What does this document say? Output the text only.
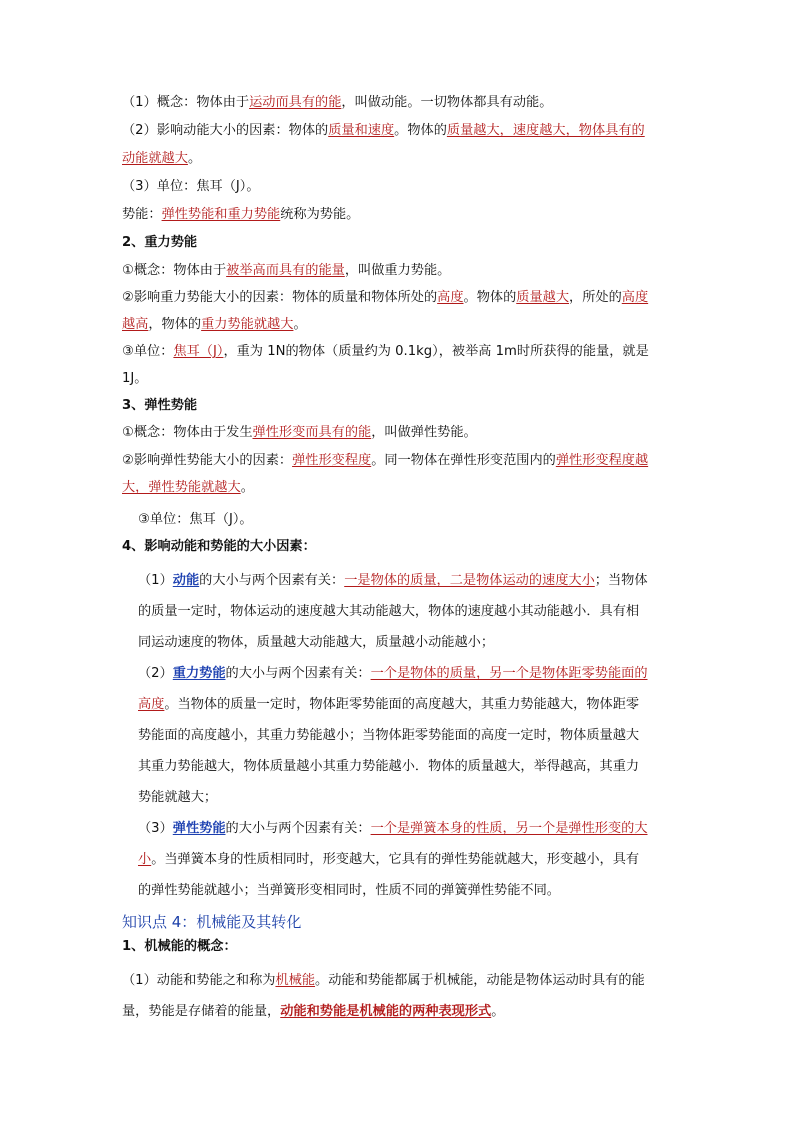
（1）概念：物体由于运动而具有的能，叫做动能。一切物体都具有动能。
（2）影响动能大小的因素：物体的质量和速度。物体的质量越大，速度越大，物体具有的
动能就越大。
（3）单位：焦耳（J）。
势能：弹性势能和重力势能统称为势能。
2、重力势能
①概念：物体由于被举高而具有的能量，叫做重力势能。
②影响重力势能大小的因素：物体的质量和物体所处的高度。物体的质量越大，所处的高度
越高，物体的重力势能就越大。
③单位：焦耳（J），重为 1N的物体（质量约为 0.1kg），被举高 1m时所获得的能量，就是
1J。
3、弹性势能
①概念：物体由于发生弹性形变而具有的能，叫做弹性势能。
②影响弹性势能大小的因素：弹性形变程度。同一物体在弹性形变范围内的弹性形变程度越
大，弹性势能就越大。
③单位：焦耳（J）。
4、影响动能和势能的大小因素：
（1）动能的大小与两个因素有关：一是物体的质量，二是物体运动的速度大小；当物体
的质量一定时，物体运动的速度越大其动能越大，物体的速度越小其动能越小．具有相
同运动速度的物体，质量越大动能越大，质量越小动能越小；
（2）重力势能的大小与两个因素有关：一个是物体的质量，另一个是物体距零势能面的
高度。当物体的质量一定时，物体距零势能面的高度越大，其重力势能越大，物体距零
势能面的高度越小，其重力势能越小；当物体距零势能面的高度一定时，物体质量越大
其重力势能越大，物体质量越小其重力势能越小．物体的质量越大，举得越高，其重力
势能就越大；
（3）弹性势能的大小与两个因素有关：一个是弹簧本身的性质，另一个是弹性形变的大
小。当弹簧本身的性质相同时，形变越大，它具有的弹性势能就越大，形变越小，具有
的弹性势能就越小；当弹簧形变相同时，性质不同的弹簧弹性势能不同。
知识点 4：机械能及其转化
1、机械能的概念：
（1）动能和势能之和称为机械能。动能和势能都属于机械能，动能是物体运动时具有的能
量，势能是存储着的能量，动能和势能是机械能的两种表现形式。
